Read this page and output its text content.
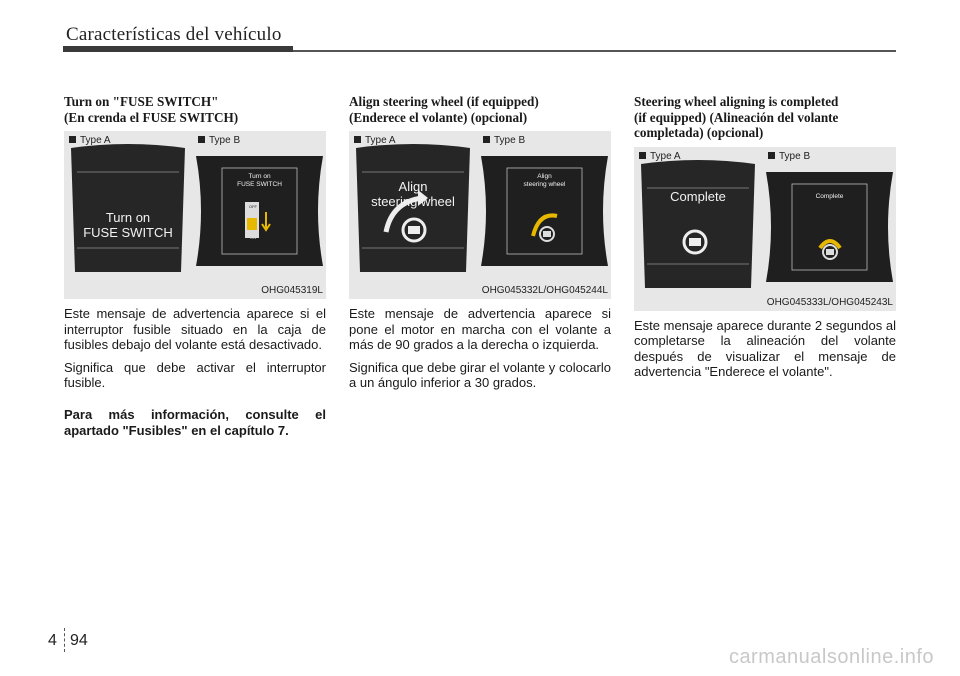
Características del vehículo

Turn on "FUSE SWITCH"
(En crenda el FUSE SWITCH)

Turn on
FUSE SWITCH
Turn on
FUSE SWITCH
OFF
ON
Type A	Type B
OHG045319L

Este mensaje de advertencia aparece si el interruptor fusible situado en la caja de fusibles debajo del volante está desactivado.

Significa que debe activar el interruptor fusible.

Para más información, consulte el apartado "Fusibles" en el capítulo 7.

Align steering wheel (if equipped)
(Enderece el volante) (opcional)

Align
steering wheel
Align
steering wheel
Type A	Type B
OHG045332L/OHG045244L

Este mensaje de advertencia aparece si pone el motor en marcha con el volante a más de 90 grados a la derecha o izquierda.

Significa que debe girar el volante y colocarlo a un ángulo inferior a 30 grados.

Steering wheel aligning is completed
(if equipped) (Alineación del volante
completada) (opcional)

Complete	Complete
Type A	Type B
OHG045333L/OHG045243L

Este mensaje aparece durante 2 segundos al completarse la alineación del volante después de visualizar el mensaje de advertencia "Enderece el volante".

4 94
carmanualsonline.info
